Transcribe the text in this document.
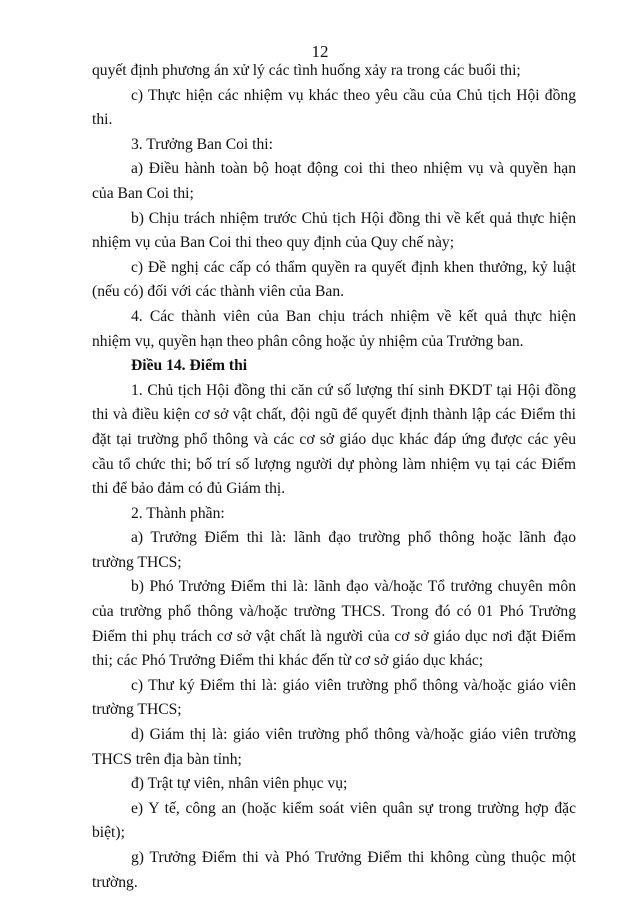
12

quyết định phương án xử lý các tình huống xảy ra trong các buổi thi;

c) Thực hiện các nhiệm vụ khác theo yêu cầu của Chủ tịch Hội đồng thi.

3. Trưởng Ban Coi thi:

a) Điều hành toàn bộ hoạt động coi thi theo nhiệm vụ và quyền hạn của Ban Coi thi;

b) Chịu trách nhiệm trước Chủ tịch Hội đồng thi về kết quả thực hiện nhiệm vụ của Ban Coi thi theo quy định của Quy chế này;

c) Đề nghị các cấp có thẩm quyền ra quyết định khen thưởng, kỷ luật (nếu có) đối với các thành viên của Ban.

4. Các thành viên của Ban chịu trách nhiệm về kết quả thực hiện nhiệm vụ, quyền hạn theo phân công hoặc ủy nhiệm của Trưởng ban.

Điều 14. Điểm thi

1. Chủ tịch Hội đồng thi căn cứ số lượng thí sinh ĐKDT tại Hội đồng thi và điều kiện cơ sở vật chất, đội ngũ để quyết định thành lập các Điểm thi đặt tại trường phổ thông và các cơ sở giáo dục khác đáp ứng được các yêu cầu tổ chức thi; bố trí số lượng người dự phòng làm nhiệm vụ tại các Điểm thi để bảo đảm có đủ Giám thị.

2. Thành phần:

a) Trưởng Điểm thi là: lãnh đạo trường phổ thông hoặc lãnh đạo trường THCS;

b) Phó Trưởng Điểm thi là: lãnh đạo và/hoặc Tổ trưởng chuyên môn của trường phổ thông và/hoặc trường THCS. Trong đó có 01 Phó Trưởng Điểm thi phụ trách cơ sở vật chất là người của cơ sở giáo dục nơi đặt Điểm thi; các Phó Trưởng Điểm thi khác đến từ cơ sở giáo dục khác;

c) Thư ký Điểm thi là: giáo viên trường phổ thông và/hoặc giáo viên trường THCS;

d) Giám thị là: giáo viên trường phổ thông và/hoặc giáo viên trường THCS trên địa bàn tỉnh;

đ) Trật tự viên, nhân viên phục vụ;

e) Y tế, công an (hoặc kiểm soát viên quân sự trong trường hợp đặc biệt);

g) Trưởng Điểm thi và Phó Trưởng Điểm thi không cùng thuộc một trường.
